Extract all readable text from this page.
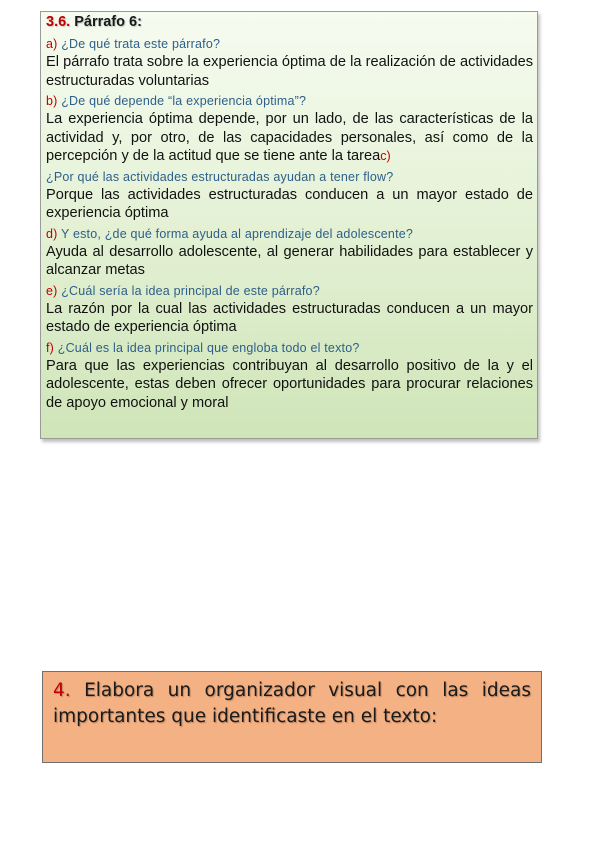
3.6. Párrafo 6:

a) ¿De qué trata este párrafo?

El párrafo trata sobre la experiencia óptima de la realización de actividades estructuradas voluntarias

b) ¿De qué depende “la experiencia óptima”?

La experiencia óptima depende, por un lado, de las características de la actividad y, por otro, de las capacidades personales, así como de la percepción y de la actitud que se tiene ante la tareac)

¿Por qué las actividades estructuradas ayudan a tener flow?

Porque las actividades estructuradas conducen a un mayor estado de experiencia óptima

d) Y esto, ¿de qué forma ayuda al aprendizaje del adolescente?

Ayuda al desarrollo adolescente, al generar habilidades para establecer y alcanzar metas

e) ¿Cuál sería la idea principal de este párrafo?

La razón por la cual las actividades estructuradas conducen a un mayor estado de experiencia óptima

f) ¿Cuál es la idea principal que engloba todo el texto?

Para que las experiencias contribuyan al desarrollo positivo de la y el adolescente, estas deben ofrecer oportunidades para procurar relaciones de apoyo emocional y moral

4. Elabora un organizador visual con las ideas importantes que identificaste en el texto:
